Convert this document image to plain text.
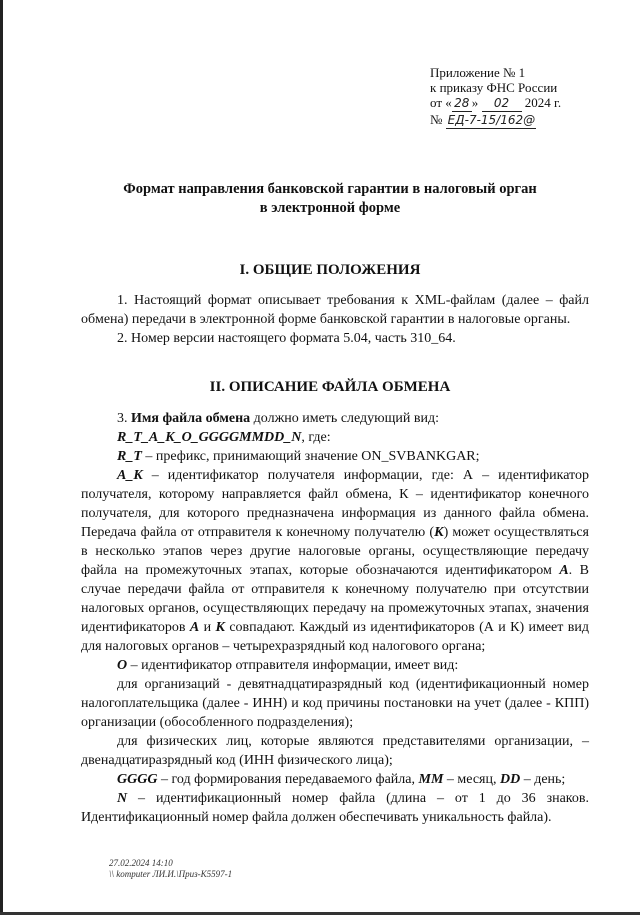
Приложение № 1
к приказу ФНС России
от « 28 » 02 2024 г.
№ ЕД-7-15/162@
Формат направления банковской гарантии в налоговый орган
в электронной форме
I. ОБЩИЕ ПОЛОЖЕНИЯ

1. Настоящий формат описывает требования к XML-файлам (далее – файл обмена) передачи в электронной форме банковской гарантии в налоговые органы.

2. Номер версии настоящего формата 5.04, часть 310_64.

II. ОПИСАНИЕ ФАЙЛА ОБМЕНА

3. Имя файла обмена должно иметь следующий вид:

R_T_A_K_O_GGGGMMDD_N, где:

R_T – префикс, принимающий значение ON_SVBANKGAR;

A_K – идентификатор получателя информации, где: А – идентификатор получателя, которому направляется файл обмена, К – идентификатор конечного получателя, для которого предназначена информация из данного файла обмена. Передача файла от отправителя к конечному получателю (К) может осуществляться в несколько этапов через другие налоговые органы, осуществляющие передачу файла на промежуточных этапах, которые обозначаются идентификатором А. В случае передачи файла от отправителя к конечному получателю при отсутствии налоговых органов, осуществляющих передачу на промежуточных этапах, значения идентификаторов А и К совпадают. Каждый из идентификаторов (А и К) имеет вид для налоговых органов – четырехразрядный код налогового органа;

O – идентификатор отправителя информации, имеет вид:

для организаций - девятнадцатиразрядный код (идентификационный номер налогоплательщика (далее - ИНН) и код причины постановки на учет (далее - КПП) организации (обособленного подразделения);

для физических лиц, которые являются представителями организации, – двенадцатиразрядный код (ИНН физического лица);

GGGG – год формирования передаваемого файла, MM – месяц, DD – день;

N – идентификационный номер файла (длина – от 1 до 36 знаков. Идентификационный номер файла должен обеспечивать уникальность файла).

27.02.2024 14:10
\\ komputer ЛИ.И.\Приз-К5597-1
